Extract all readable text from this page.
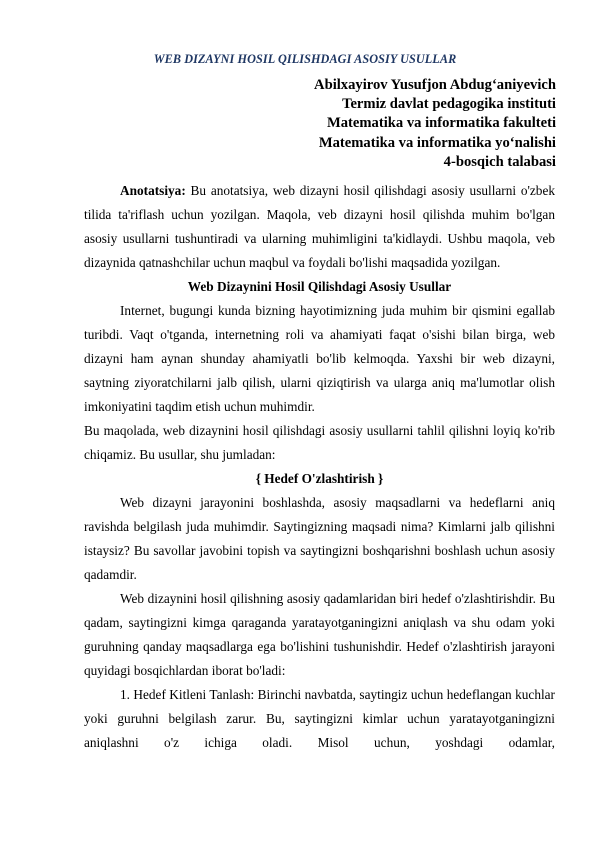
WEB DIZAYNI HOSIL QILISHDAGI ASOSIY USULLAR
Abilxayirov Yusufjon Abdug‘aniyevich
Termiz davlat pedagogika instituti
Matematika va informatika fakulteti
Matematika va informatika yo‘nalishi
4-bosqich talabasi

Anotatsiya: Bu anotatsiya, web dizayni hosil qilishdagi asosiy usullarni o'zbek tilida ta'riflash uchun yozilgan. Maqola, veb dizayni hosil qilishda muhim bo'lgan asosiy usullarni tushuntiradi va ularning muhimligini ta'kidlaydi. Ushbu maqola, veb dizaynida qatnashchilar uchun maqbul va foydali bo'lishi maqsadida yozilgan.

Web Dizaynini Hosil Qilishdagi Asosiy Usullar

Internet, bugungi kunda bizning hayotimizning juda muhim bir qismini egallab turibdi. Vaqt o'tganda, internetning roli va ahamiyati faqat o'sishi bilan birga, web dizayni ham aynan shunday ahamiyatli bo'lib kelmoqda. Yaxshi bir web dizayni, saytning ziyoratchilarni jalb qilish, ularni qiziqtirish va ularga aniq ma'lumotlar olish imkoniyatini taqdim etish uchun muhimdir.

Bu maqolada, web dizaynini hosil qilishdagi asosiy usullarni tahlil qilishni loyiq ko'rib chiqamiz. Bu usullar, shu jumladan:

{ Hedef O'zlashtirish }

Web dizayni jarayonini boshlashda, asosiy maqsadlarni va hedeflarni aniq ravishda belgilash juda muhimdir. Saytingizning maqsadi nima? Kimlarni jalb qilishni istaysiz? Bu savollar javobini topish va saytingizni boshqarishni boshlash uchun asosiy qadamdir.

Web dizaynini hosil qilishning asosiy qadamlaridan biri hedef o'zlashtirishdir. Bu qadam, saytingizni kimga qaraganda yaratayotganingizni aniqlash va shu odam yoki guruhning qanday maqsadlarga ega bo'lishini tushunishdir. Hedef o'zlashtirish jarayoni quyidagi bosqichlardan iborat bo'ladi:

1. Hedef Kitleni Tanlash: Birinchi navbatda, saytingiz uchun hedeflangan kuchlar yoki guruhni belgilash zarur. Bu, saytingizni kimlar uchun yaratayotganingizni aniqlashni o'z ichiga oladi. Misol uchun, yoshdagi odamlar,
